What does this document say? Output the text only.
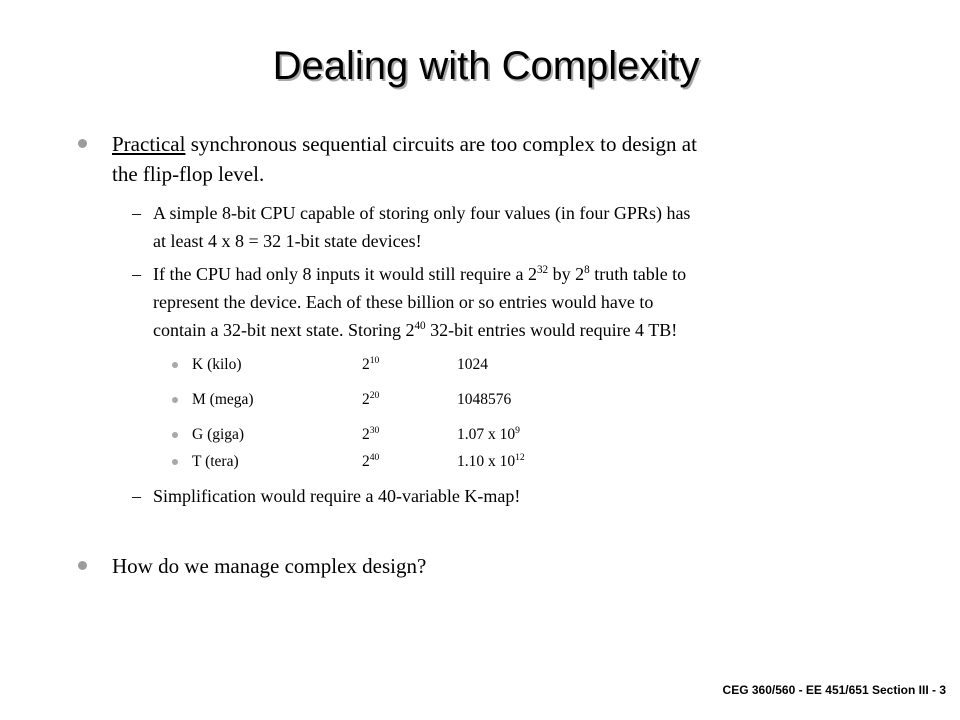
Dealing with Complexity
Practical synchronous sequential circuits are too complex to design at
the flip-flop level.
– A simple 8-bit CPU capable of storing only four values (in four GPRs) has
at least 4 x 8 = 32 1-bit state devices!
– If the CPU had only 8 inputs it would still require a $2^{32}$ by $2^8$ truth table to
represent the device. Each of these billion or so entries would have to
contain a 32-bit next state. Storing $2^{40}$ 32-bit entries would require 4 TB!
K (kilo)	$2^{10}$	1024
M (mega)	$2^{20}$	1048576
G (giga)	$2^{30}$	1.07 x $10^9$
T (tera)	$2^{40}$	1.10 x $10^{12}$
– Simplification would require a 40-variable K-map!
How do we manage complex design?
CEG 360/560 - EE 451/651 Section III - 3
